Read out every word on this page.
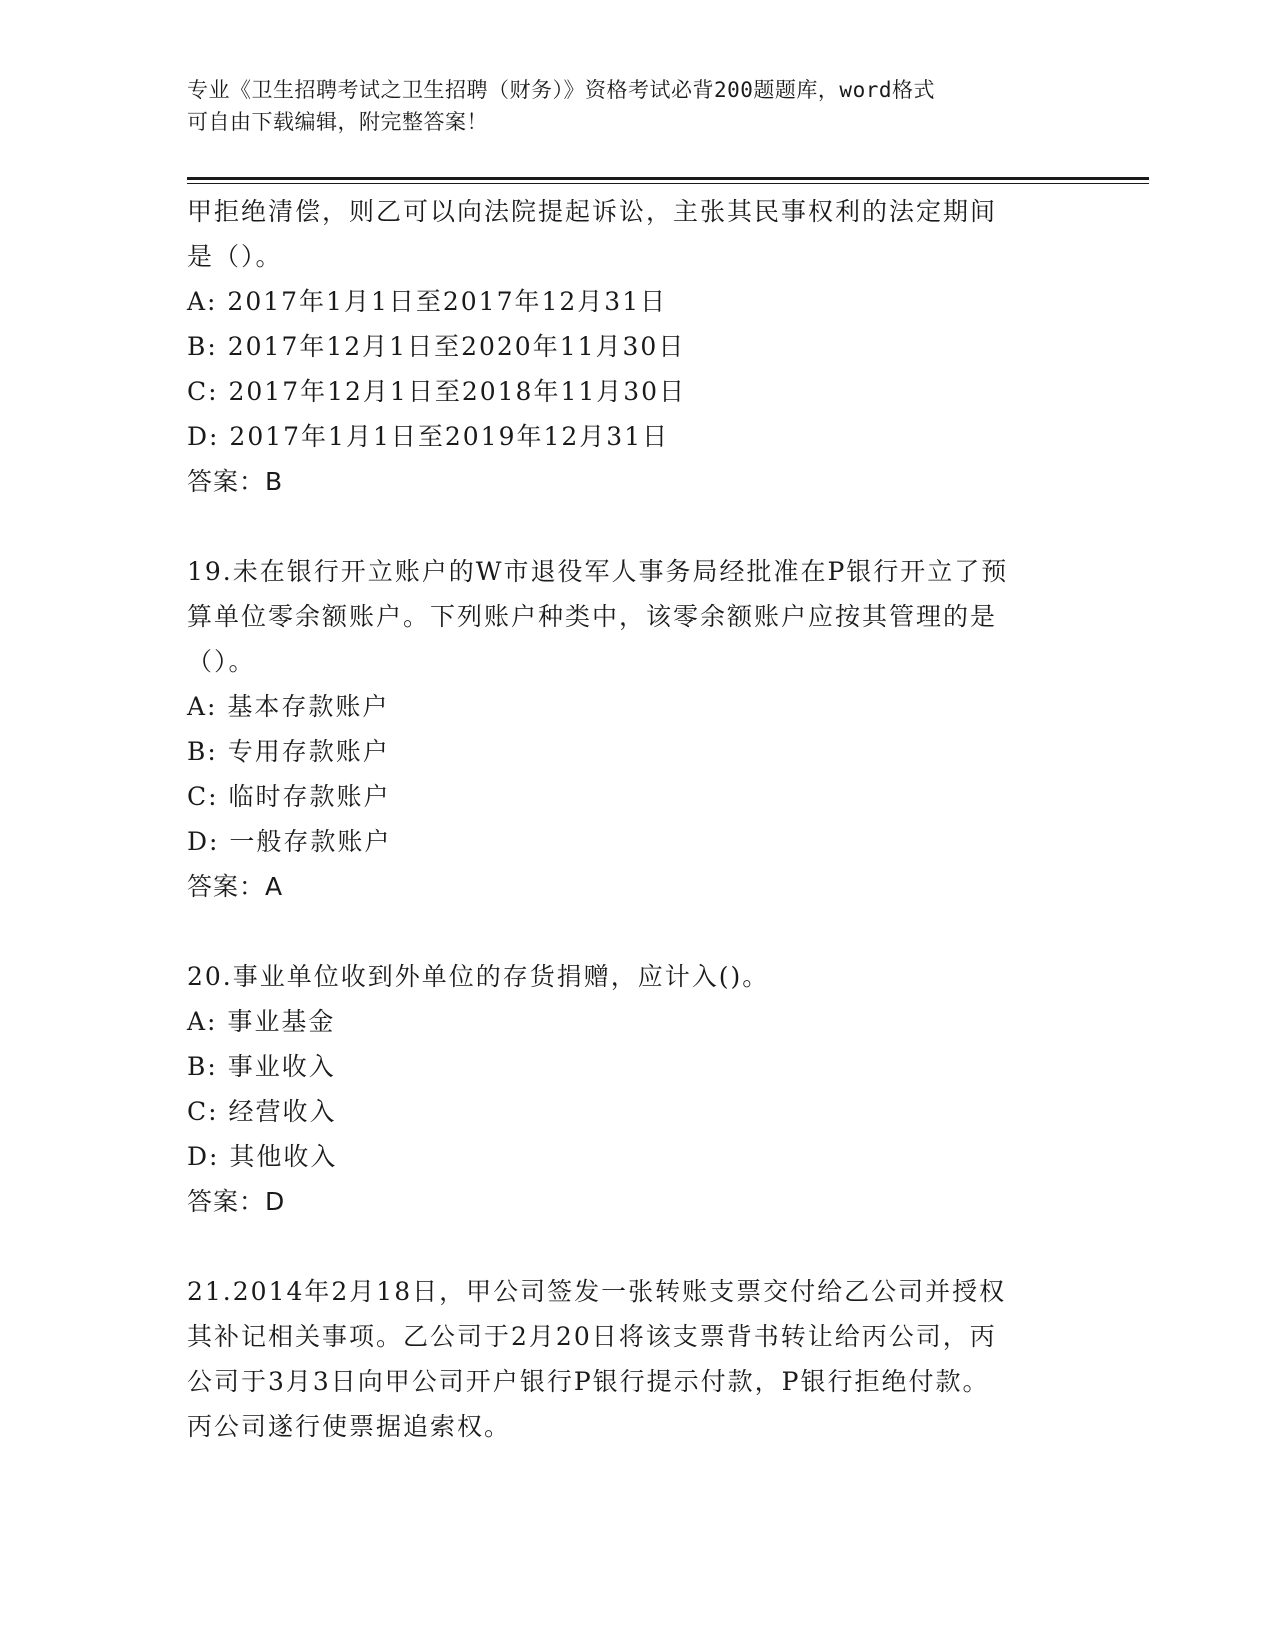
专业《卫生招聘考试之卫生招聘（财务）》资格考试必背200题题库，word格式
可自由下载编辑，附完整答案！
甲拒绝清偿，则乙可以向法院提起诉讼，主张其民事权利的法定期间
是（）。
A: 2017年1月1日至2017年12月31日
B: 2017年12月1日至2020年11月30日
C: 2017年12月1日至2018年11月30日
D: 2017年1月1日至2019年12月31日
答案：B
19.未在银行开立账户的W市退役军人事务局经批准在P银行开立了预
算单位零余额账户。下列账户种类中，该零余额账户应按其管理的是
（）。
A: 基本存款账户
B: 专用存款账户
C: 临时存款账户
D: 一般存款账户
答案：A
20.事业单位收到外单位的存货捐赠，应计入()。
A: 事业基金
B: 事业收入
C: 经营收入
D: 其他收入
答案：D
21.2014年2月18日，甲公司签发一张转账支票交付给乙公司并授权
其补记相关事项。乙公司于2月20日将该支票背书转让给丙公司，丙
公司于3月3日向甲公司开户银行P银行提示付款，P银行拒绝付款。
丙公司遂行使票据追索权。
